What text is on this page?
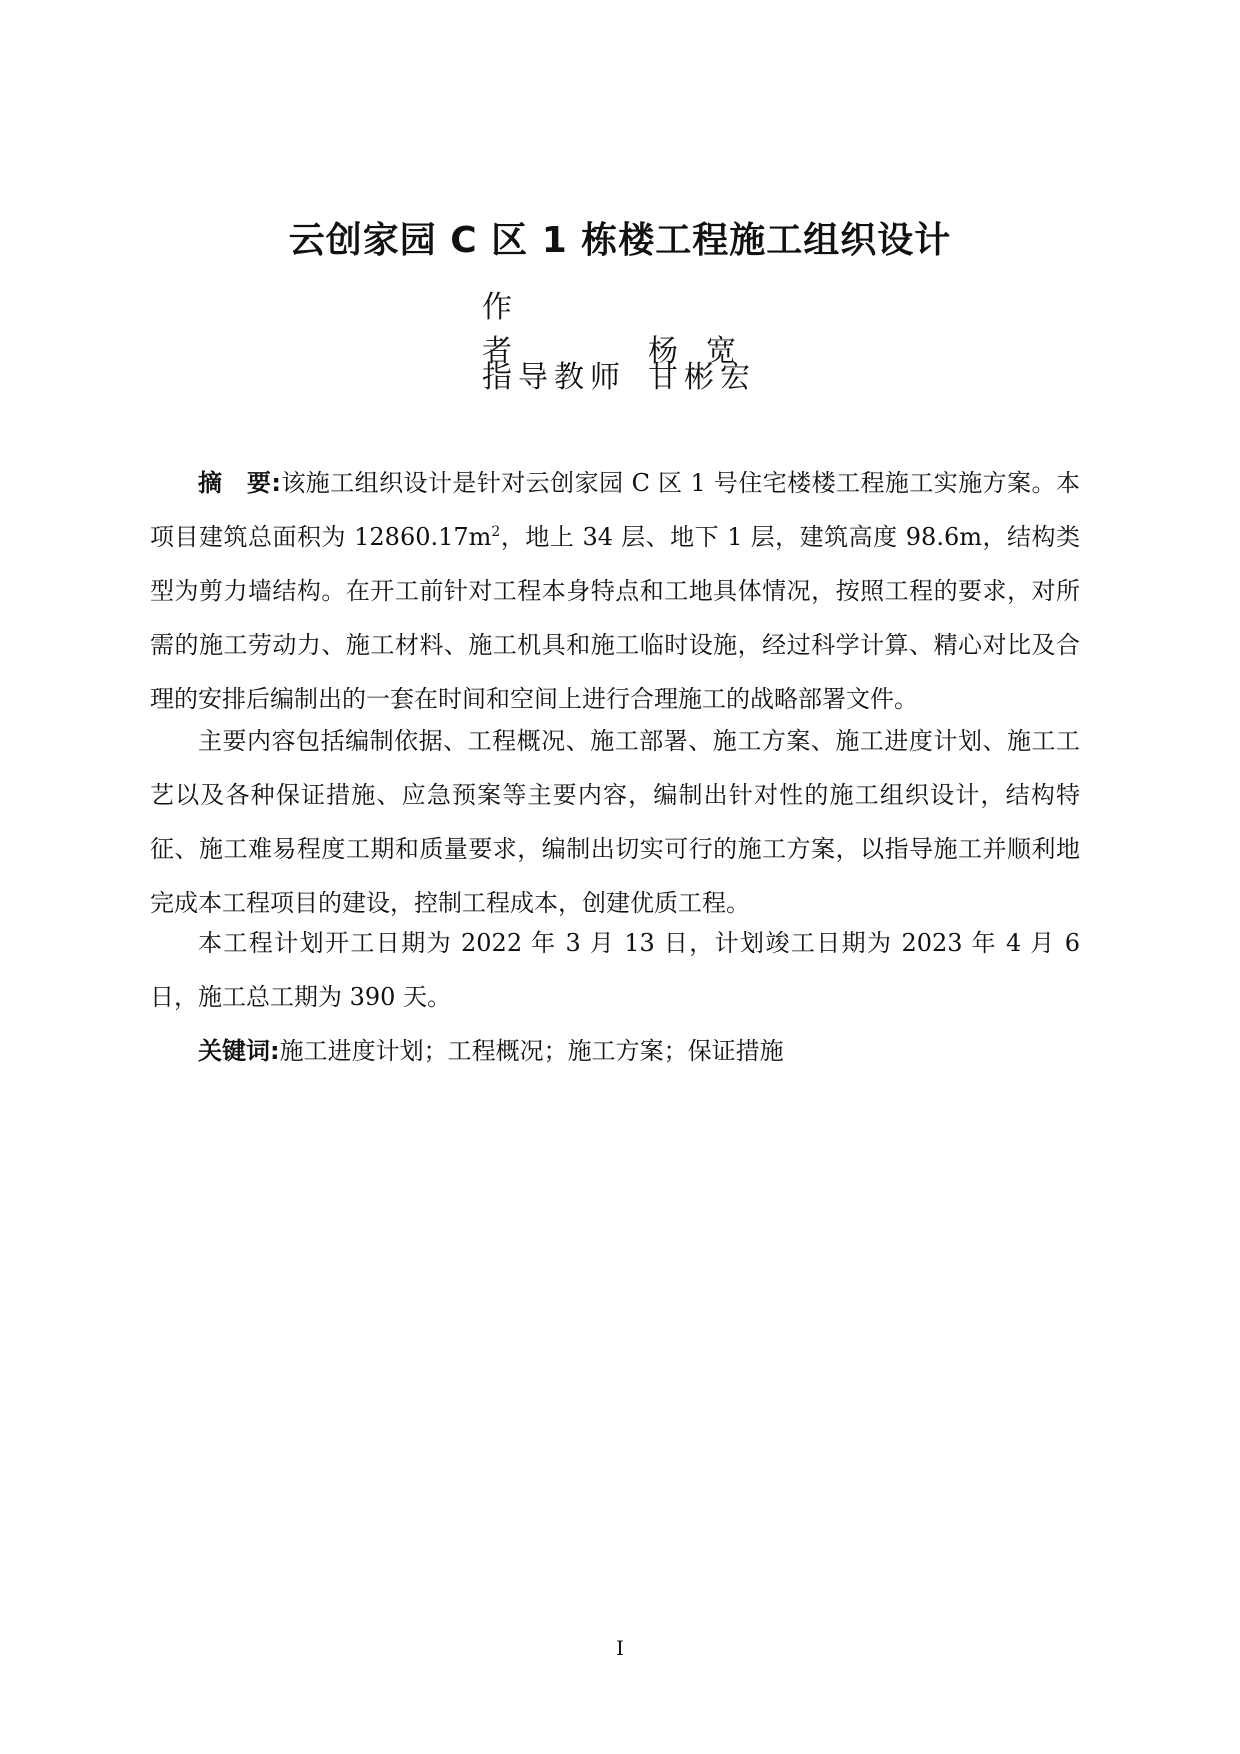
云创家园 C 区 1 栋楼工程施工组织设计
作者 杨宽
指导教师 甘彬宏

摘　要:该施工组织设计是针对云创家园 C 区 1 号住宅楼楼工程施工实施方案。本项目建筑总面积为 $12860.17m^2$，地上 34 层、地下 1 层，建筑高度 98.6m，结构类型为剪力墙结构。在开工前针对工程本身特点和工地具体情况，按照工程的要求，对所需的施工劳动力、施工材料、施工机具和施工临时设施，经过科学计算、精心对比及合理的安排后编制出的一套在时间和空间上进行合理施工的战略部署文件。

主要内容包括编制依据、工程概况、施工部署、施工方案、施工进度计划、施工工艺以及各种保证措施、应急预案等主要内容，编制出针对性的施工组织设计，结构特征、施工难易程度工期和质量要求，编制出切实可行的施工方案，以指导施工并顺利地完成本工程项目的建设，控制工程成本，创建优质工程。

本工程计划开工日期为 2022 年 3 月 13 日，计划竣工日期为 2023 年 4 月 6 日，施工总工期为 390 天。

关键词:施工进度计划；工程概况；施工方案；保证措施

I
